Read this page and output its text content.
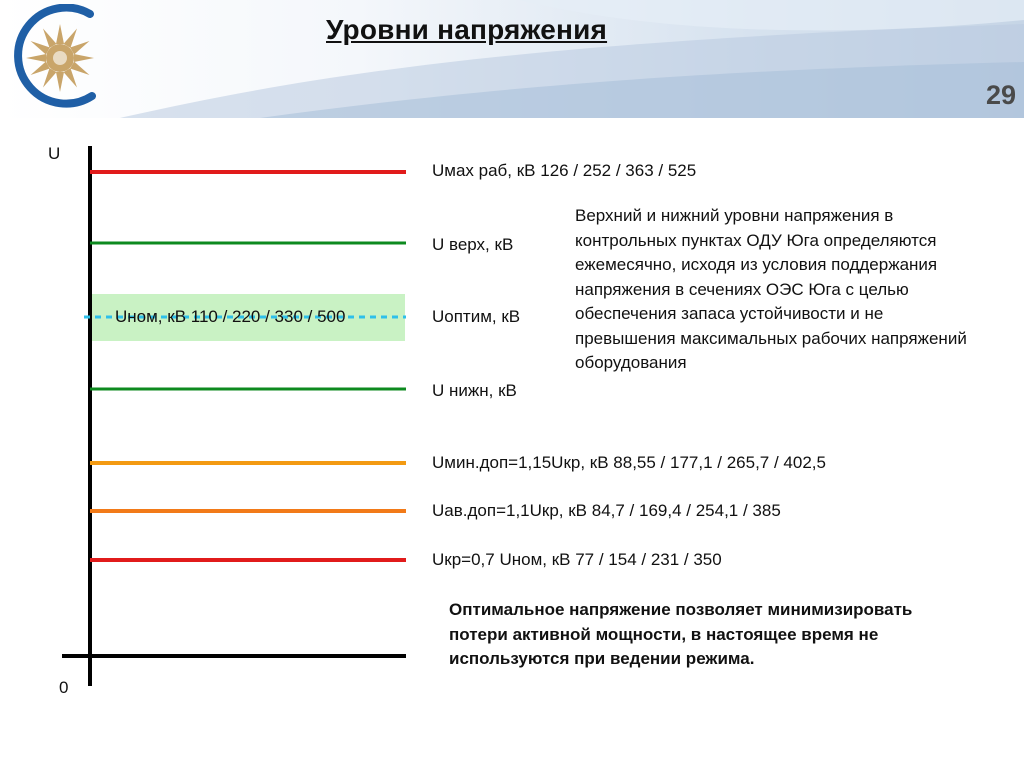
Уровни напряжения
29
U
0
Uном, кВ 110 / 220 / 330 / 500
Uмах раб, кВ 126 / 252 / 363 / 525
U верх, кВ
Uоптим, кВ
U нижн, кВ
Uмин.доп=1,15Uкр, кВ 88,55 / 177,1 / 265,7 / 402,5
Uав.доп=1,1Uкр, кВ 84,7 / 169,4 / 254,1 / 385
Uкр=0,7 Uном, кВ 77 / 154 / 231 / 350
Верхний и нижний уровни напряжения в контрольных пунктах ОДУ Юга определяются ежемесячно, исходя из условия поддержания напряжения в сечениях ОЭС Юга с целью обеспечения запаса устойчивости и не превышения максимальных рабочих напряжений оборудования
Оптимальное напряжение позволяет минимизировать потери активной мощности, в настоящее время не используются при ведении режима.
